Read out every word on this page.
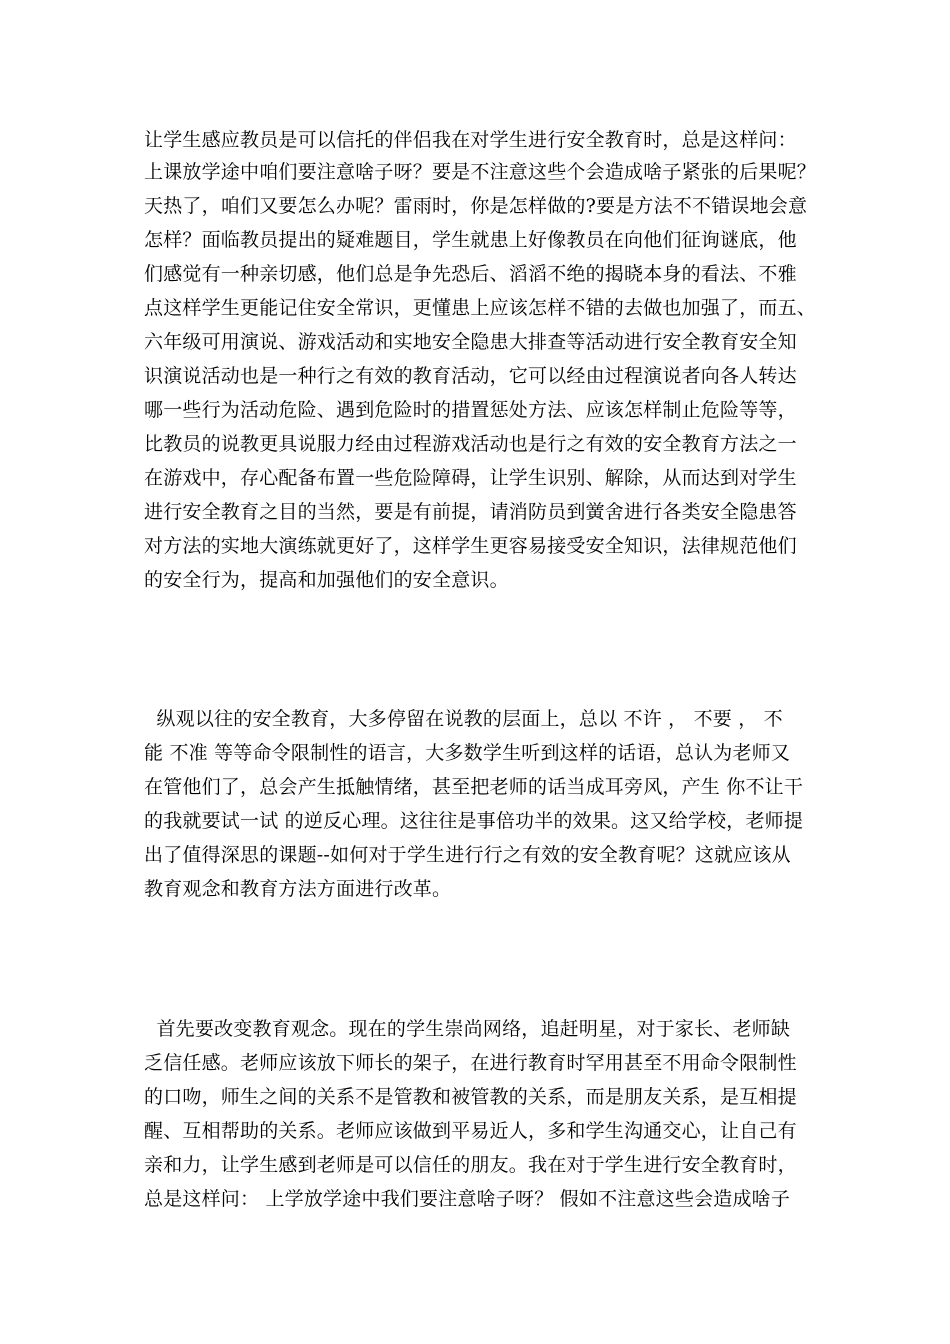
让学生感应教员是可以信托的伴侣我在对学生进行安全教育时，总是这样问：
上课放学途中咱们要注意啥子呀？要是不注意这些个会造成啥子紧张的后果呢？
天热了，咱们又要怎么办呢？雷雨时，你是怎样做的?要是方法不不错误地会意
怎样？面临教员提出的疑难题目，学生就患上好像教员在向他们征询谜底，他
们感觉有一种亲切感，他们总是争先恐后、滔滔不绝的揭晓本身的看法、不雅
点这样学生更能记住安全常识，更懂患上应该怎样不错的去做也加强了，而五、
六年级可用演说、游戏活动和实地安全隐患大排查等活动进行安全教育安全知
识演说活动也是一种行之有效的教育活动，它可以经由过程演说者向各人转达
哪一些行为活动危险、遇到危险时的措置惩处方法、应该怎样制止危险等等，
比教员的说教更具说服力经由过程游戏活动也是行之有效的安全教育方法之一
在游戏中，存心配备布置一些危险障碍，让学生识别、解除，从而达到对学生
进行安全教育之目的当然，要是有前提，请消防员到黉舍进行各类安全隐患答
对方法的实地大演练就更好了，这样学生更容易接受安全知识，法律规范他们
的安全行为，提高和加强他们的安全意识。
纵观以往的安全教育，大多停留在说教的层面上，总以 不许 ， 不要 ， 不
能 不准 等等命令限制性的语言，大多数学生听到这样的话语，总认为老师又
在管他们了，总会产生抵触情绪，甚至把老师的话当成耳旁风，产生 你不让干
的我就要试一试 的逆反心理。这往往是事倍功半的效果。这又给学校，老师提
出了值得深思的课题--如何对于学生进行行之有效的安全教育呢？这就应该从
教育观念和教育方法方面进行改革。
首先要改变教育观念。现在的学生崇尚网络，追赶明星，对于家长、老师缺
乏信任感。老师应该放下师长的架子，在进行教育时罕用甚至不用命令限制性
的口吻，师生之间的关系不是管教和被管教的关系，而是朋友关系，是互相提
醒、互相帮助的关系。老师应该做到平易近人，多和学生沟通交心，让自己有
亲和力，让学生感到老师是可以信任的朋友。我在对于学生进行安全教育时，
总是这样问： 上学放学途中我们要注意啥子呀？ 假如不注意这些会造成啥子
